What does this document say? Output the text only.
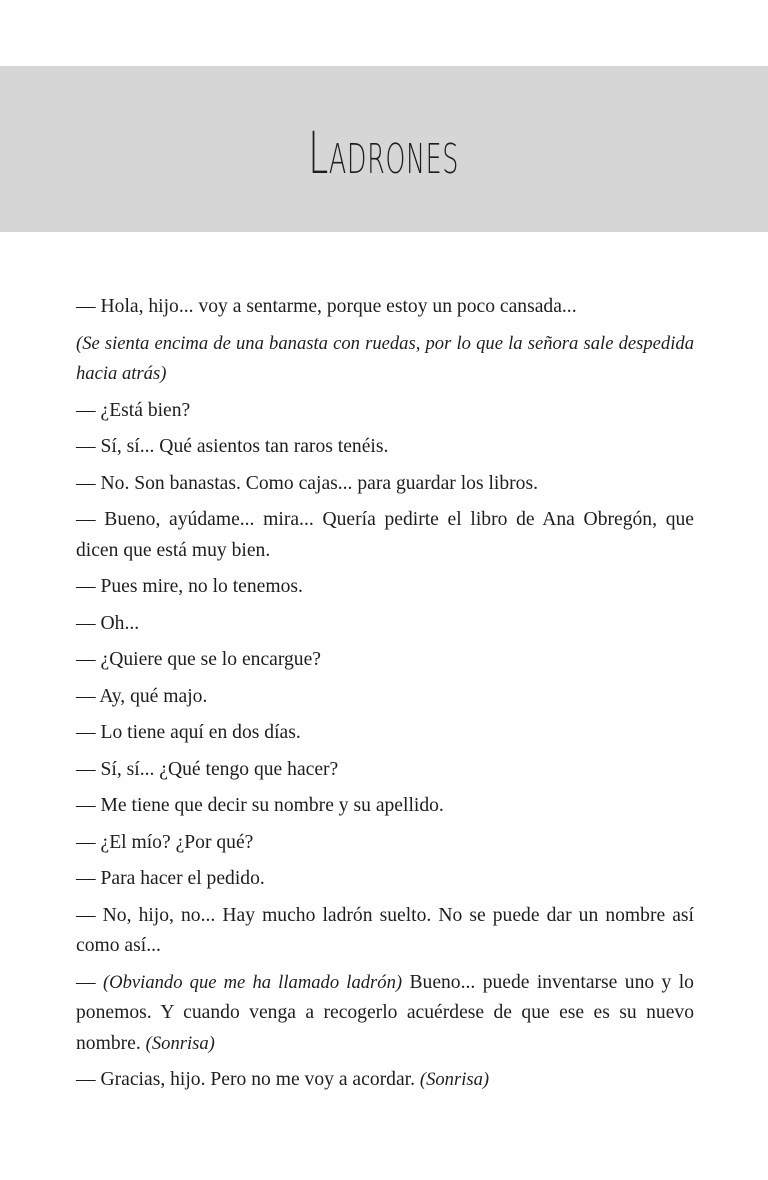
Ladrones

— Hola, hijo... voy a sentarme, porque estoy un poco cansada...

(Se sienta encima de una banasta con ruedas, por lo que la señora sale despedida hacia atrás)

— ¿Está bien?

— Sí, sí... Qué asientos tan raros tenéis.

— No. Son banastas. Como cajas... para guardar los libros.

— Bueno, ayúdame... mira... Quería pedirte el libro de Ana Obregón, que dicen que está muy bien.

— Pues mire, no lo tenemos.

— Oh...

— ¿Quiere que se lo encargue?

— Ay, qué majo.

— Lo tiene aquí en dos días.

— Sí, sí... ¿Qué tengo que hacer?

— Me tiene que decir su nombre y su apellido.

— ¿El mío? ¿Por qué?

— Para hacer el pedido.

— No, hijo, no... Hay mucho ladrón suelto. No se puede dar un nombre así como así...

— (Obviando que me ha llamado ladrón) Bueno... puede inventarse uno y lo ponemos. Y cuando venga a recogerlo acuérdese de que ese es su nuevo nombre. (Sonrisa)

— Gracias, hijo. Pero no me voy a acordar. (Sonrisa)
